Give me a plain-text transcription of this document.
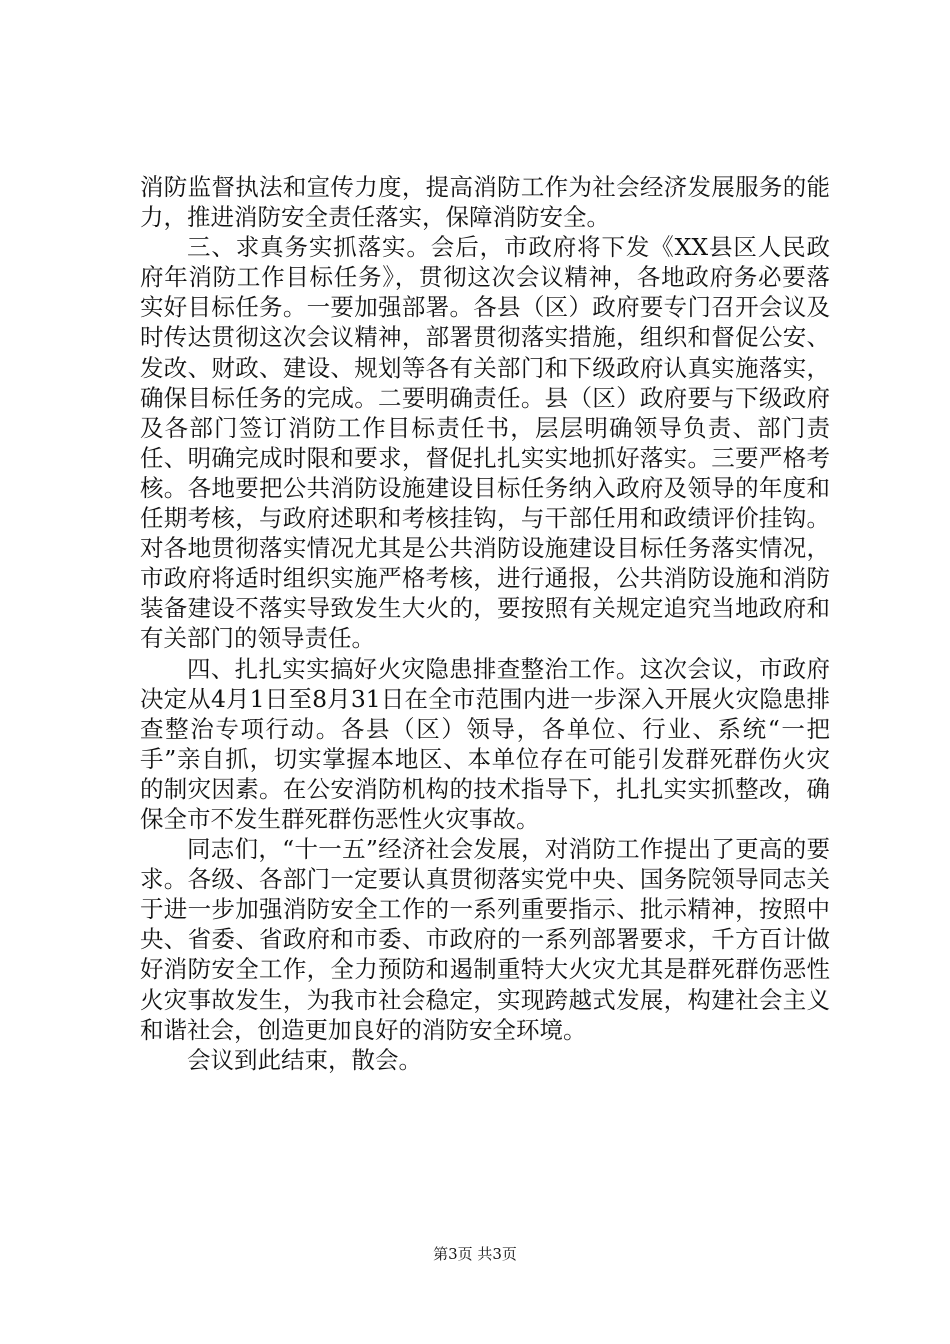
消防监督执法和宣传力度，提高消防工作为社会经济发展服务的能力，推进消防安全责任落实，保障消防安全。

三、求真务实抓落实。会后，市政府将下发《XX县区人民政府年消防工作目标任务》，贯彻这次会议精神，各地政府务必要落实好目标任务。一要加强部署。各县（区）政府要专门召开会议及时传达贯彻这次会议精神，部署贯彻落实措施，组织和督促公安、发改、财政、建设、规划等各有关部门和下级政府认真实施落实，确保目标任务的完成。二要明确责任。县（区）政府要与下级政府及各部门签订消防工作目标责任书，层层明确领导负责、部门责任、明确完成时限和要求，督促扎扎实实地抓好落实。三要严格考核。各地要把公共消防设施建设目标任务纳入政府及领导的年度和任期考核，与政府述职和考核挂钩，与干部任用和政绩评价挂钩。对各地贯彻落实情况尤其是公共消防设施建设目标任务落实情况，市政府将适时组织实施严格考核，进行通报，公共消防设施和消防装备建设不落实导致发生大火的，要按照有关规定追究当地政府和有关部门的领导责任。

四、扎扎实实搞好火灾隐患排查整治工作。这次会议，市政府决定从4月1日至8月31日在全市范围内进一步深入开展火灾隐患排查整治专项行动。各县（区）领导，各单位、行业、系统“一把手”亲自抓，切实掌握本地区、本单位存在可能引发群死群伤火灾的制灾因素。在公安消防机构的技术指导下，扎扎实实抓整改，确保全市不发生群死群伤恶性火灾事故。

同志们，“十一五”经济社会发展，对消防工作提出了更高的要求。各级、各部门一定要认真贯彻落实党中央、国务院领导同志关于进一步加强消防安全工作的一系列重要指示、批示精神，按照中央、省委、省政府和市委、市政府的一系列部署要求，千方百计做好消防安全工作，全力预防和遏制重特大火灾尤其是群死群伤恶性火灾事故发生，为我市社会稳定，实现跨越式发展，构建社会主义和谐社会，创造更加良好的消防安全环境。

会议到此结束，散会。

第3页 共3页
